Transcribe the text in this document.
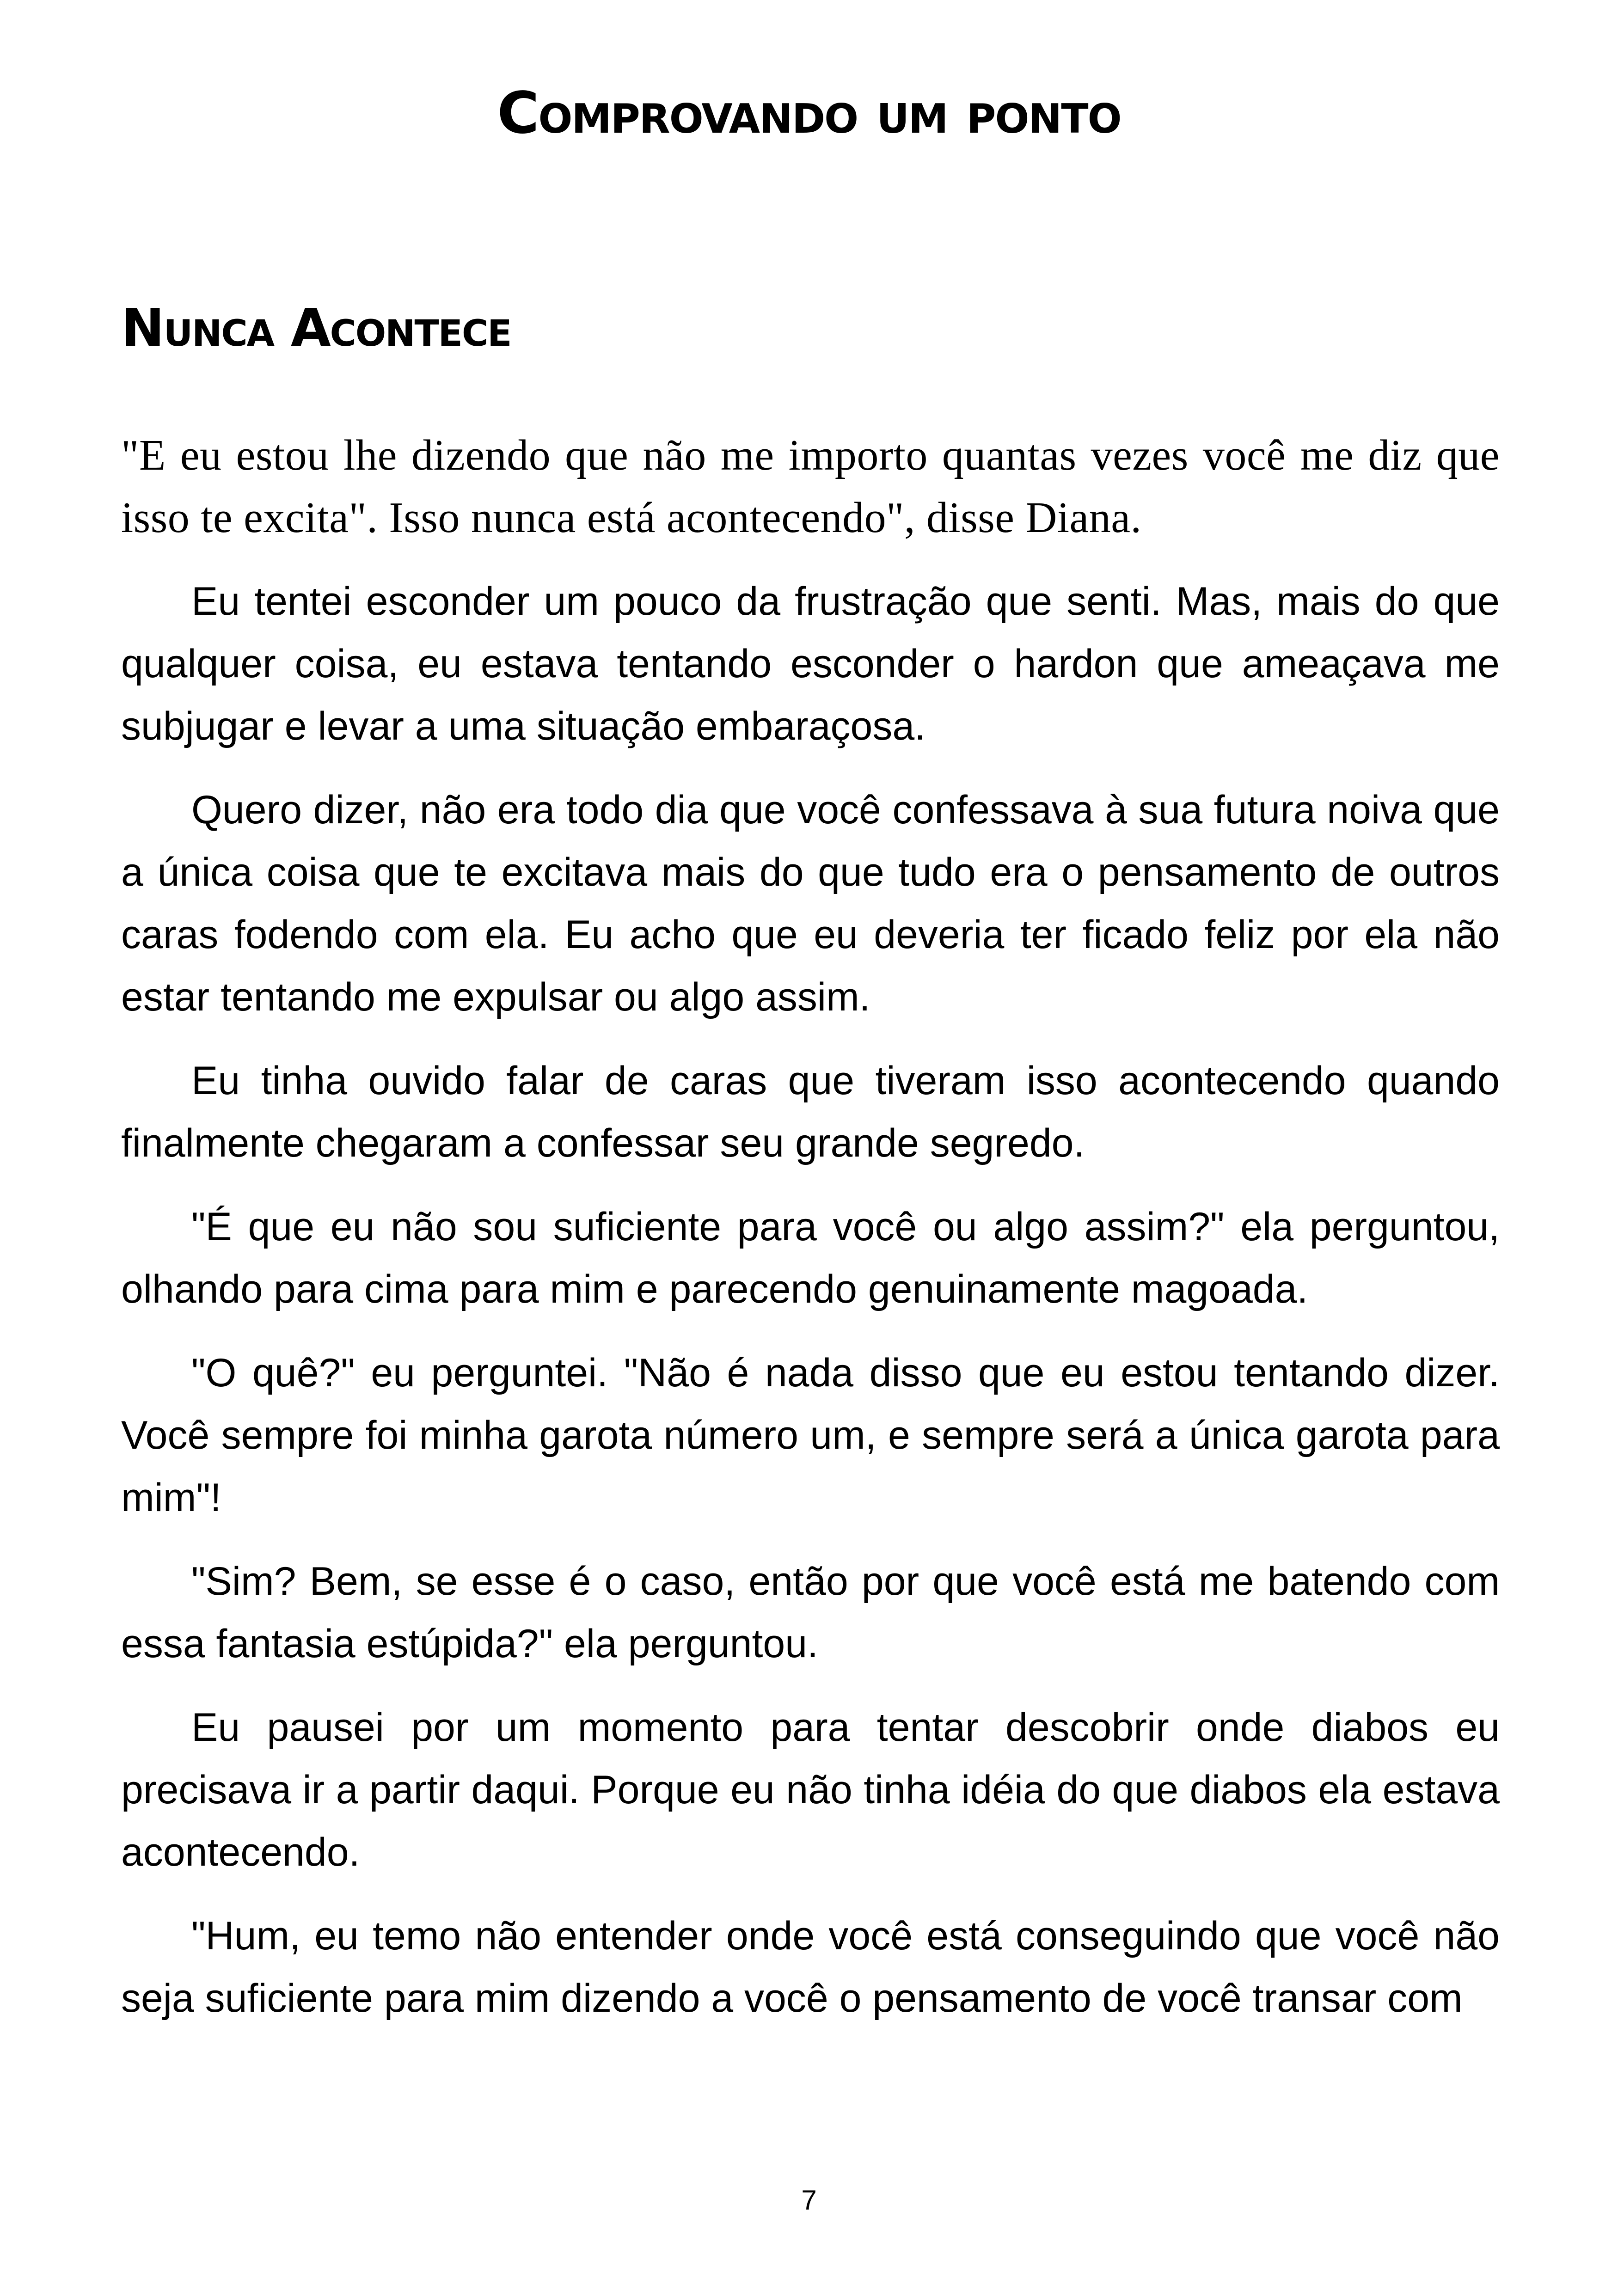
Comprovando um ponto
Nunca Acontece

"E eu estou lhe dizendo que não me importo quantas vezes você me diz que isso te excita". Isso nunca está acontecendo", disse Diana.

Eu tentei esconder um pouco da frustração que senti. Mas, mais do que qualquer coisa, eu estava tentando esconder o hardon que ameaçava me subjugar e levar a uma situação embaraçosa.

Quero dizer, não era todo dia que você confessava à sua futura noiva que a única coisa que te excitava mais do que tudo era o pensamento de outros caras fodendo com ela. Eu acho que eu deveria ter ficado feliz por ela não estar tentando me expulsar ou algo assim.

Eu tinha ouvido falar de caras que tiveram isso acontecendo quando finalmente chegaram a confessar seu grande segredo.

"É que eu não sou suficiente para você ou algo assim?" ela perguntou, olhando para cima para mim e parecendo genuinamente magoada.

"O quê?" eu perguntei. "Não é nada disso que eu estou tentando dizer. Você sempre foi minha garota número um, e sempre será a única garota para mim"!

"Sim? Bem, se esse é o caso, então por que você está me batendo com essa fantasia estúpida?" ela perguntou.

Eu pausei por um momento para tentar descobrir onde diabos eu precisava ir a partir daqui. Porque eu não tinha idéia do que diabos ela estava acontecendo.

"Hum, eu temo não entender onde você está conseguindo que você não seja suficiente para mim dizendo a você o pensamento de você transar com

7
